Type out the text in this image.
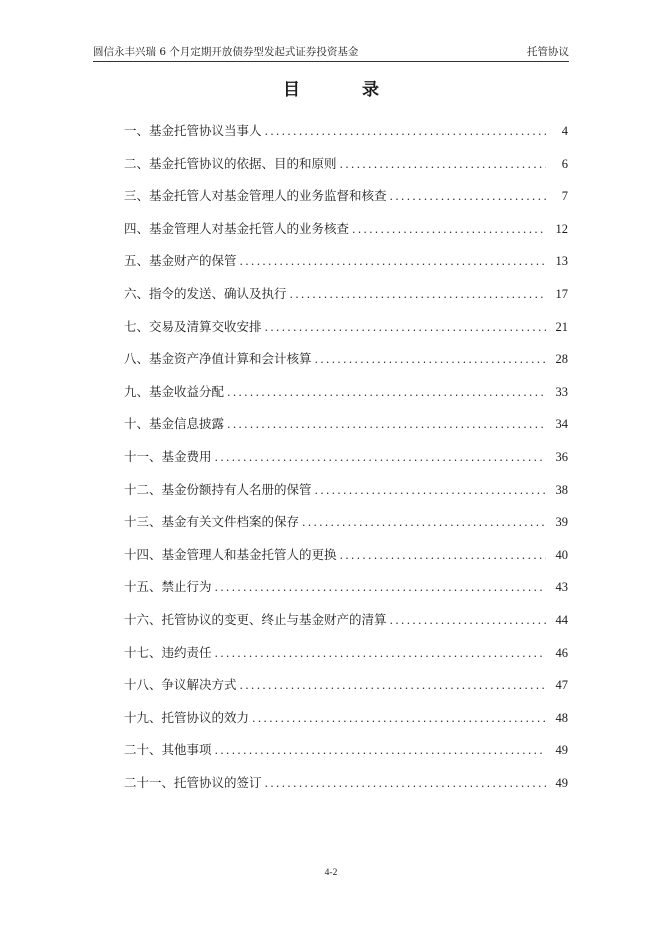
圆信永丰兴瑞 6 个月定期开放债券型发起式证券投资基金	托管协议
目 录
一、基金托管协议当事人 .....	4
二、基金托管协议的依据、目的和原则 .....	6
三、基金托管人对基金管理人的业务监督和核查 .....	7
四、基金管理人对基金托管人的业务核查 .....	12
五、基金财产的保管 .....	13
六、指令的发送、确认及执行 .....	17
七、交易及清算交收安排 .....	21
八、基金资产净值计算和会计核算 .....	28
九、基金收益分配 .....	33
十、基金信息披露 .....	34
十一、基金费用 .....	36
十二、基金份额持有人名册的保管 .....	38
十三、基金有关文件档案的保存 .....	39
十四、基金管理人和基金托管人的更换 .....	40
十五、禁止行为 .....	43
十六、托管协议的变更、终止与基金财产的清算 .....	44
十七、违约责任 .....	46
十八、争议解决方式 .....	47
十九、托管协议的效力 .....	48
二十、其他事项 .....	49
二十一、托管协议的签订 .....	49
4-2
